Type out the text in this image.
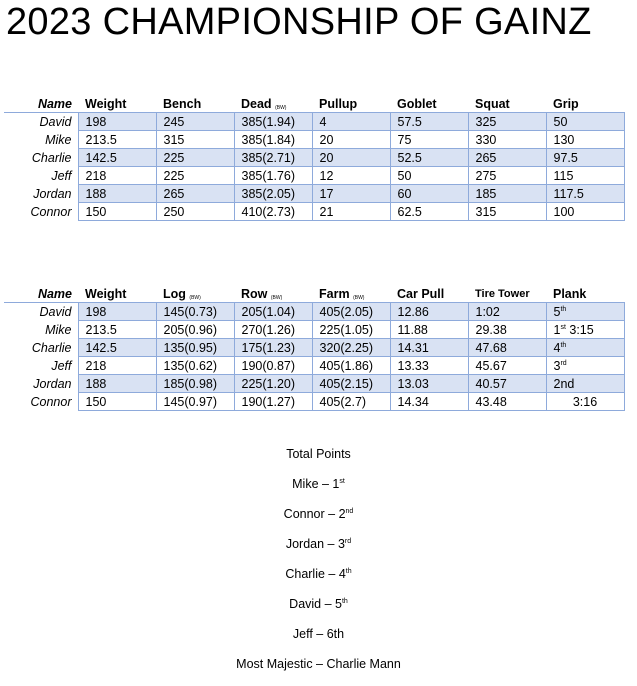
2023 CHAMPIONSHIP OF GAINZ
Name	Weight	Bench	Dead (BW)	Pullup	Goblet	Squat	Grip
David	198	245	385(1.94)	4	57.5	325	50
Mike	213.5	315	385(1.84)	20	75	330	130
Charlie	142.5	225	385(2.71)	20	52.5	265	97.5
Jeff	218	225	385(1.76)	12	50	275	115
Jordan	188	265	385(2.05)	17	60	185	117.5
Connor	150	250	410(2.73)	21	62.5	315	100
Name	Weight	Log (BW)	Row (BW)	Farm (BW)	Car Pull	Tire Tower	Plank
David	198	145(0.73)	205(1.04)	405(2.05)	12.86	1:02	5th
Mike	213.5	205(0.96)	270(1.26)	225(1.05)	11.88	29.38	1st 3:15
Charlie	142.5	135(0.95)	175(1.23)	320(2.25)	14.31	47.68	4th
Jeff	218	135(0.62)	190(0.87)	405(1.86)	13.33	45.67	3rd
Jordan	188	185(0.98)	225(1.20)	405(2.15)	13.03	40.57	2nd
Connor	150	145(0.97)	190(1.27)	405(2.7)	14.34	43.48	3:16
Total Points
Mike – 1st
Connor – 2nd
Jordan – 3rd
Charlie – 4th
David – 5th
Jeff – 6th
Most Majestic – Charlie Mann
